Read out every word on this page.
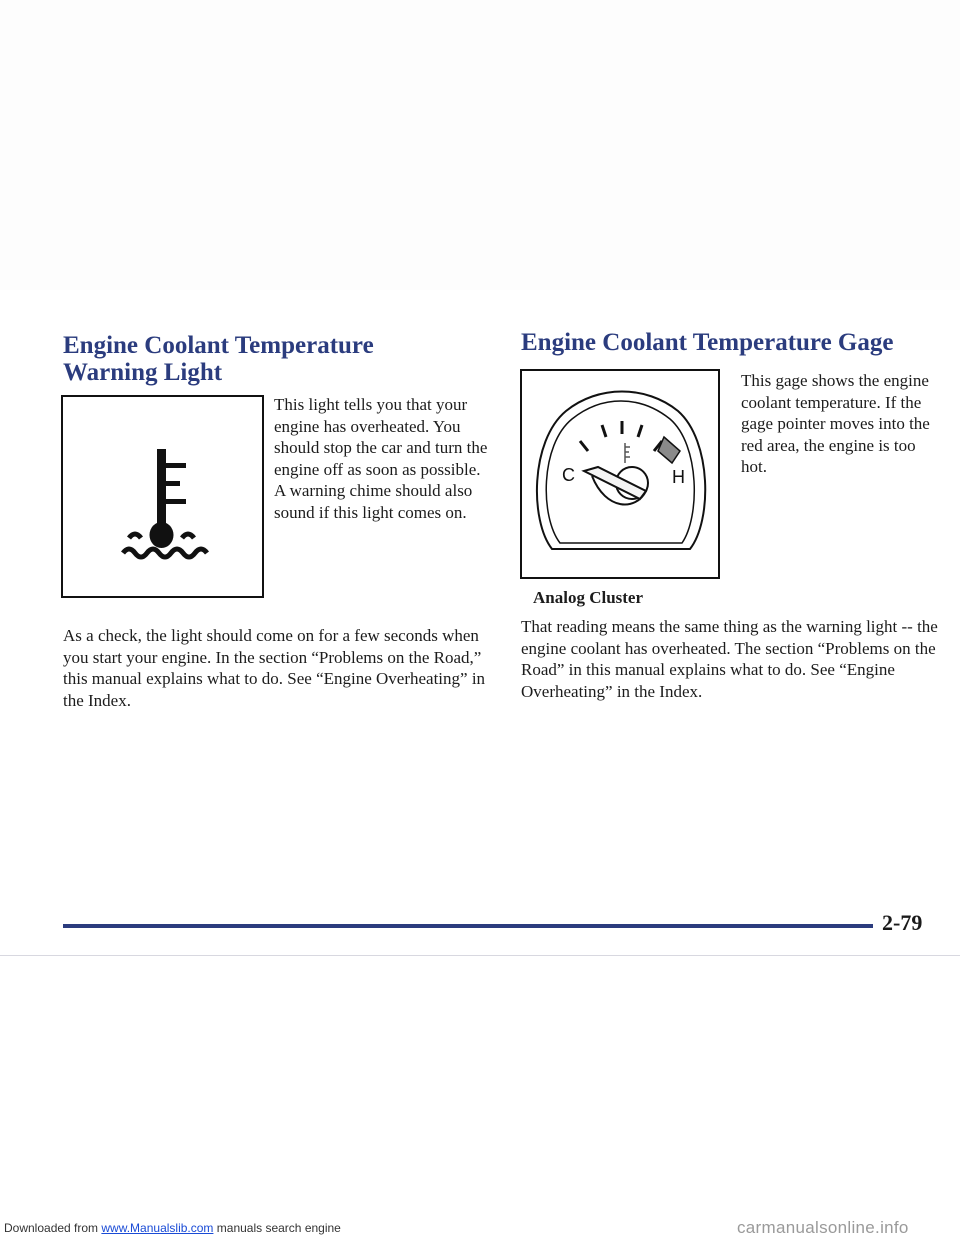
Engine Coolant Temperature
Warning Light

This light tells you that your engine has overheated. You should stop the car and turn the engine off as soon as possible. A warning chime should also sound if this light comes on.

As a check, the light should come on for a few seconds when you start your engine. In the section “Problems on the Road,” this manual explains what to do. See “Engine Overheating” in the Index.

Engine Coolant Temperature Gage
C	H

This gage shows the engine coolant temperature. If the gage pointer moves into the red area, the engine is too hot.

Analog Cluster

That reading means the same thing as the warning light -- the engine coolant has overheated. The section “Problems on the Road” in this manual explains what to do. See “Engine Overheating” in the Index.

2-79

Downloaded from www.Manualslib.com manuals search engine	carmanualsonline.info
